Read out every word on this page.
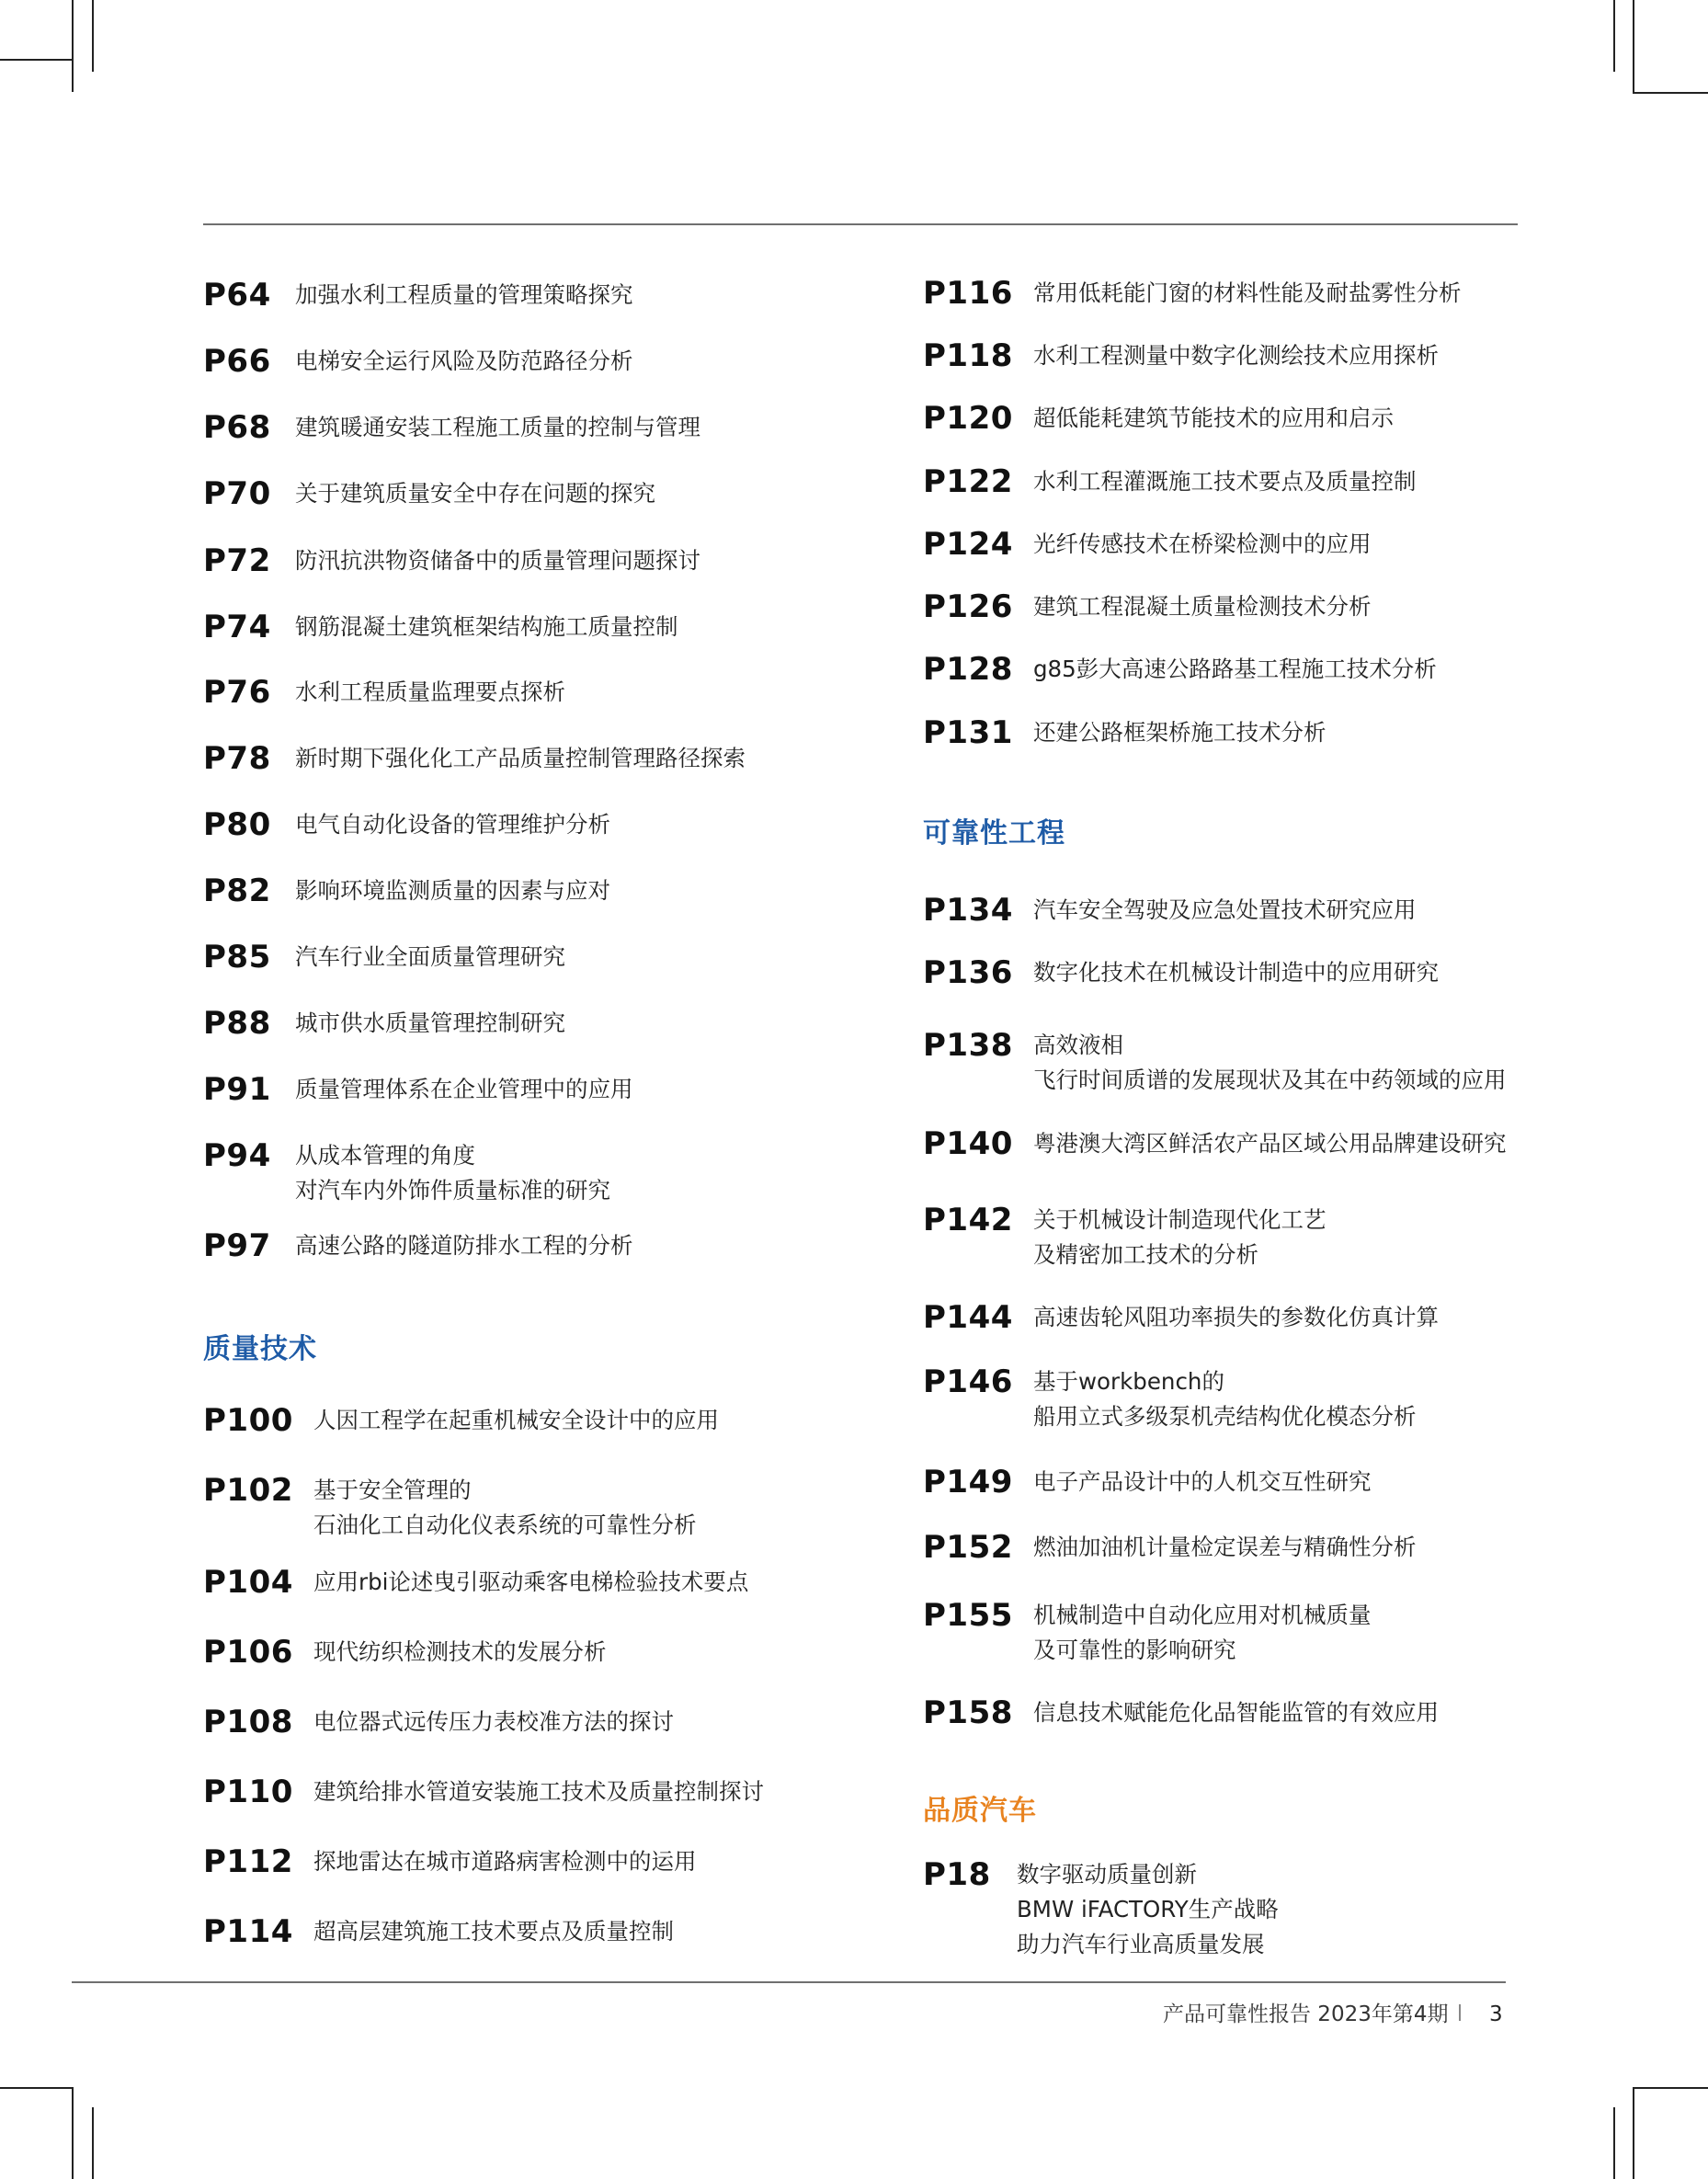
产品可靠性报告 2023年第4期 3
P64	加强水利工程质量的管理策略探究
P66	电梯安全运行风险及防范路径分析
P68	建筑暖通安装工程施工质量的控制与管理
P70	关于建筑质量安全中存在问题的探究
P72	防汛抗洪物资储备中的质量管理问题探讨
P74	钢筋混凝土建筑框架结构施工质量控制
P76	水利工程质量监理要点探析
P78	新时期下强化化工产品质量控制管理路径探索
P80	电气自动化设备的管理维护分析
P82	影响环境监测质量的因素与应对
P85	汽车行业全面质量管理研究
P88	城市供水质量管理控制研究
P91	质量管理体系在企业管理中的应用
P94	从成本管理的角度
对汽车内外饰件质量标准的研究
P97	高速公路的隧道防排水工程的分析
质量技术
P100 人因工程学在起重机械安全设计中的应用
P102 基于安全管理的
石油化工自动化仪表系统的可靠性分析
P104 应用rbi论述曳引驱动乘客电梯检验技术要点
P106 现代纺织检测技术的发展分析
P108 电位器式远传压力表校准方法的探讨
P110 建筑给排水管道安装施工技术及质量控制探讨
P112 探地雷达在城市道路病害检测中的运用
P114 超高层建筑施工技术要点及质量控制
P116 常用低耗能门窗的材料性能及耐盐雾性分析
P118 水利工程测量中数字化测绘技术应用探析
P120 超低能耗建筑节能技术的应用和启示
P122 水利工程灌溉施工技术要点及质量控制
P124 光纤传感技术在桥梁检测中的应用
P126 建筑工程混凝土质量检测技术分析
P128 g85彭大高速公路路基工程施工技术分析
P131 还建公路框架桥施工技术分析
可靠性工程
P134 汽车安全驾驶及应急处置技术研究应用
P136 数字化技术在机械设计制造中的应用研究
P138 高效液相
飞行时间质谱的发展现状及其在中药领域的应用
P140 粤港澳大湾区鲜活农产品区域公用品牌建设研究
P142 关于机械设计制造现代化工艺
及精密加工技术的分析
P144 高速齿轮风阻功率损失的参数化仿真计算
P146 基于workbench的
船用立式多级泵机壳结构优化模态分析
P149 电子产品设计中的人机交互性研究
P152 燃油加油机计量检定误差与精确性分析
P155 机械制造中自动化应用对机械质量
及可靠性的影响研究
P158 信息技术赋能危化品智能监管的有效应用
品质汽车
P18	数字驱动质量创新
BMW iFACTORY生产战略
助力汽车行业高质量发展
